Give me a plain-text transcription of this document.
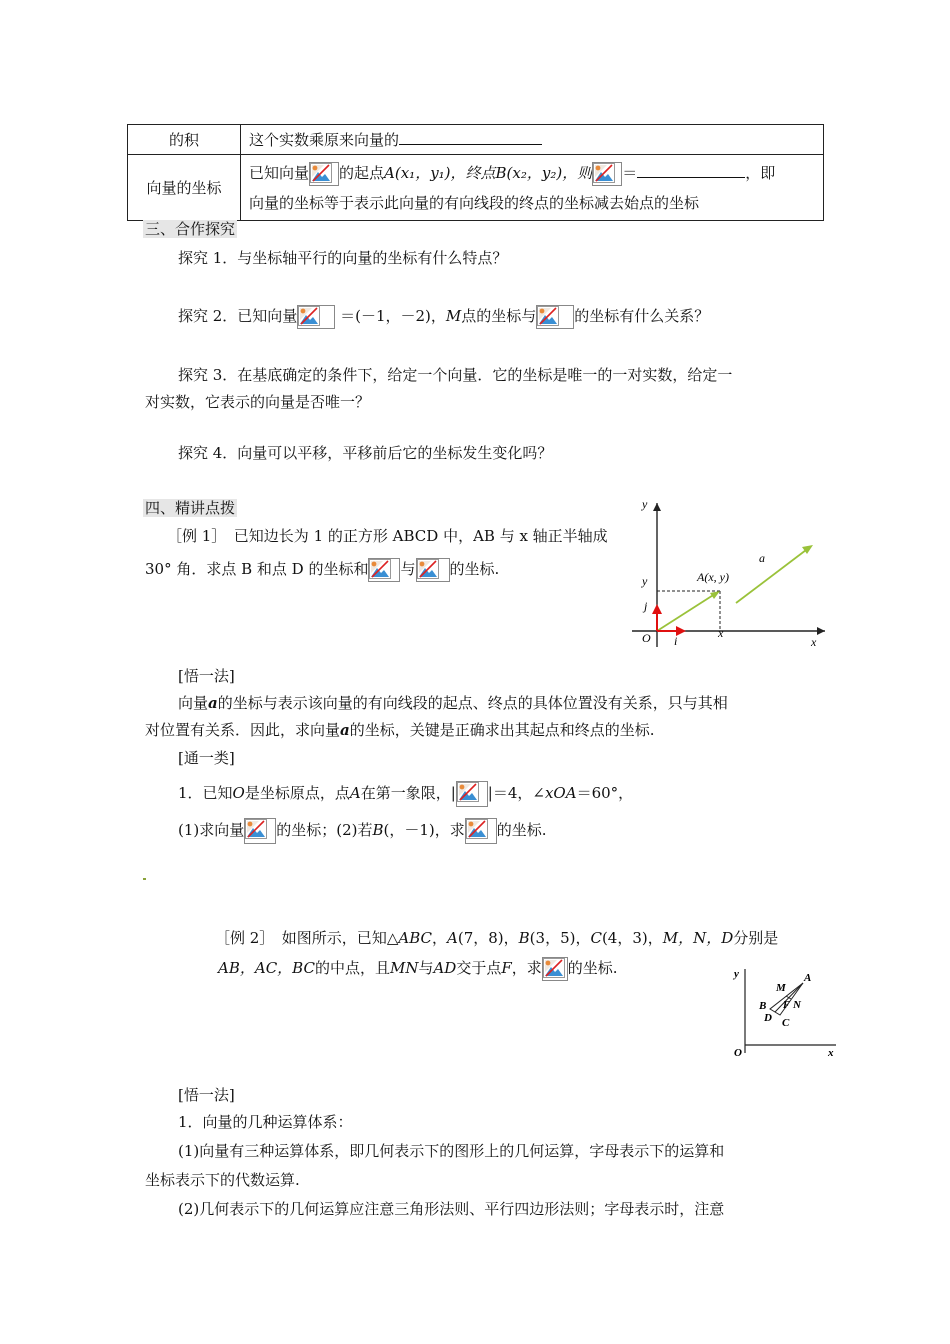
的积	这个实数乘原来向量的
向量的坐标	已知向量 的起点A(x₁，y₁)，终点B(x₂，y₂)，则 ＝ ，即
向量的坐标等于表示此向量的有向线段的终点的坐标减去始点的坐标
三、合作探究
探究 1．与坐标轴平行的向量的坐标有什么特点？
探究 2．已知向量	＝(－1，－2)，M点的坐标与	的坐标有什么关系？
探究 3．在基底确定的条件下，给定一个向量．它的坐标是唯一的一对实数，给定一
对实数，它表示的向量是否唯一？
探究 4．向量可以平移，平移前后它的坐标发生变化吗？
四、精讲点拨
［例 1］　已知边长为 1 的正方形 ABCD 中，AB 与 x 轴正半轴成
30° 角．求点 B 和点 D 的坐标和 与 的坐标.
y
x
O
y
x
j
i
A(x, y)
a
[悟一法]
向量a的坐标与表示该向量的有向线段的起点、终点的具体位置没有关系，只与其相
对位置有关系．因此，求向量a的坐标，关键是正确求出其起点和终点的坐标.
[通一类]
1．已知O是坐标原点，点A在第一象限，| |＝4，∠xOA＝60°，
(1)求向量 的坐标；(2)若B(，－1)，求 的坐标.
［例 2］　如图所示，已知△ABC，A(7，8)，B(3，5)，C(4，3)，M，N，D分别是
AB，AC，BC的中点，且MN与AD交于点F，求 的坐标.	y
x
O
A
M
B F N
D C
[悟一法]
1．向量的几种运算体系：
(1)向量有三种运算体系，即几何表示下的图形上的几何运算，字母表示下的运算和
坐标表示下的代数运算.
(2)几何表示下的几何运算应注意三角形法则、平行四边形法则；字母表示时，注意
